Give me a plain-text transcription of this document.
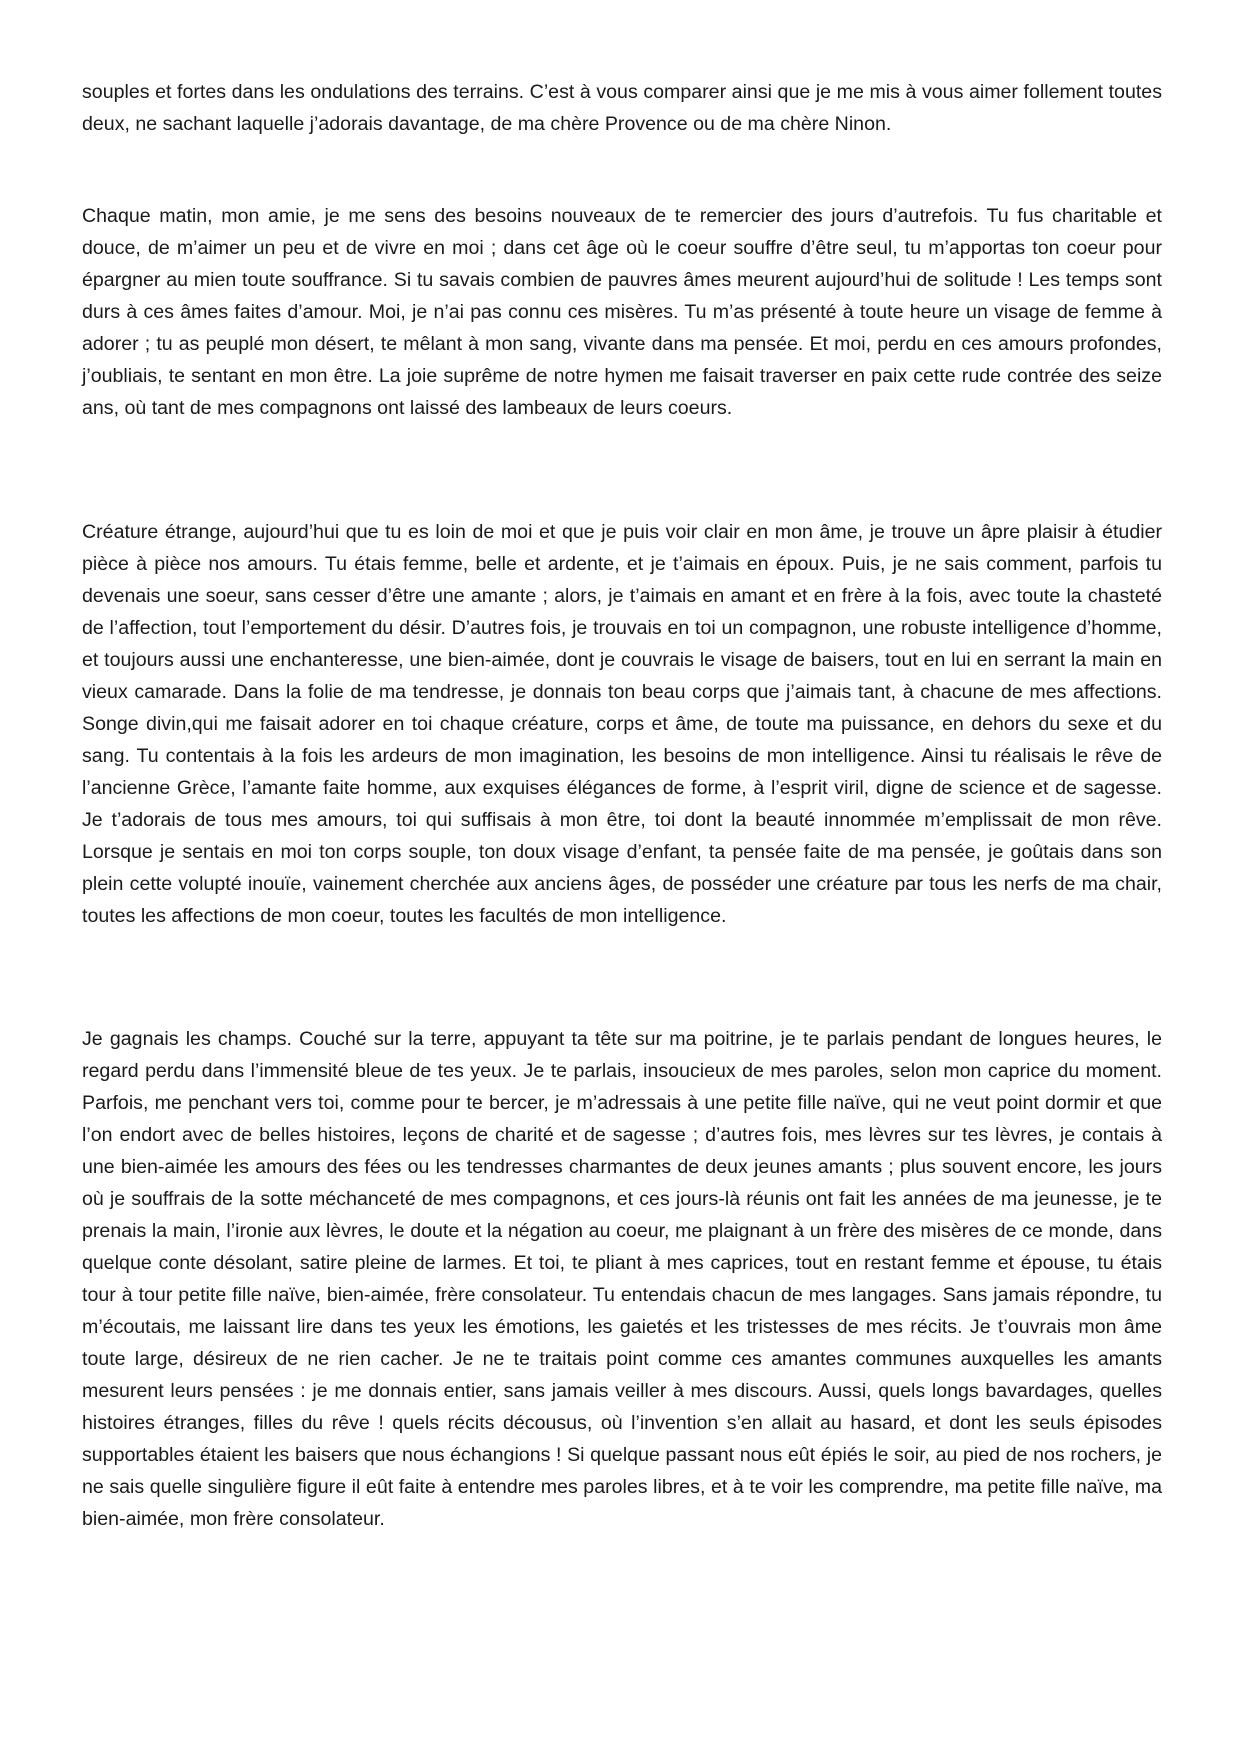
souples et fortes dans les ondulations des terrains. C’est à vous comparer ainsi que je me mis à vous aimer follement toutes deux, ne sachant laquelle j’adorais davantage, de ma chère Provence ou de ma chère Ninon.

Chaque matin, mon amie, je me sens des besoins nouveaux de te remercier des jours d’autrefois. Tu fus charitable et douce, de m’aimer un peu et de vivre en moi ; dans cet âge où le coeur souffre d’être seul, tu m’apportas ton coeur pour épargner au mien toute souffrance. Si tu savais combien de pauvres âmes meurent aujourd’hui de solitude ! Les temps sont durs à ces âmes faites d’amour. Moi, je n’ai pas connu ces misères. Tu m’as présenté à toute heure un visage de femme à adorer ; tu as peuplé mon désert, te mêlant à mon sang, vivante dans ma pensée. Et moi, perdu en ces amours profondes, j’oubliais, te sentant en mon être. La joie suprême de notre hymen me faisait traverser en paix cette rude contrée des seize ans, où tant de mes compagnons ont laissé des lambeaux de leurs coeurs.

Créature étrange, aujourd’hui que tu es loin de moi et que je puis voir clair en mon âme, je trouve un âpre plaisir à étudier pièce à pièce nos amours. Tu étais femme, belle et ardente, et je t’aimais en époux. Puis, je ne sais comment, parfois tu devenais une soeur, sans cesser d’être une amante ; alors, je t’aimais en amant et en frère à la fois, avec toute la chasteté de l’affection, tout l’emportement du désir. D’autres fois, je trouvais en toi un compagnon, une robuste intelligence d’homme, et toujours aussi une enchanteresse, une bien-aimée, dont je couvrais le visage de baisers, tout en lui en serrant la main en vieux camarade. Dans la folie de ma tendresse, je donnais ton beau corps que j’aimais tant, à chacune de mes affections. Songe divin,qui me faisait adorer en toi chaque créature, corps et âme, de toute ma puissance, en dehors du sexe et du sang. Tu contentais à la fois les ardeurs de mon imagination, les besoins de mon intelligence. Ainsi tu réalisais le rêve de l’ancienne Grèce, l’amante faite homme, aux exquises élégances de forme, à l’esprit viril, digne de science et de sagesse. Je t’adorais de tous mes amours, toi qui suffisais à mon être, toi dont la beauté innommée m’emplissait de mon rêve. Lorsque je sentais en moi ton corps souple, ton doux visage d’enfant, ta pensée faite de ma pensée, je goûtais dans son plein cette volupté inouïe, vainement cherchée aux anciens âges, de posséder une créature par tous les nerfs de ma chair, toutes les affections de mon coeur, toutes les facultés de mon intelligence.

Je gagnais les champs. Couché sur la terre, appuyant ta tête sur ma poitrine, je te parlais pendant de longues heures, le regard perdu dans l’immensité bleue de tes yeux. Je te parlais, insoucieux de mes paroles, selon mon caprice du moment. Parfois, me penchant vers toi, comme pour te bercer, je m’adressais à une petite fille naïve, qui ne veut point dormir et que l’on endort avec de belles histoires, leçons de charité et de sagesse ; d’autres fois, mes lèvres sur tes lèvres, je contais à une bien-aimée les amours des fées ou les tendresses charmantes de deux jeunes amants ; plus souvent encore, les jours où je souffrais de la sotte méchanceté de mes compagnons, et ces jours-là réunis ont fait les années de ma jeunesse, je te prenais la main, l’ironie aux lèvres, le doute et la négation au coeur, me plaignant à un frère des misères de ce monde, dans quelque conte désolant, satire pleine de larmes. Et toi, te pliant à mes caprices, tout en restant femme et épouse, tu étais tour à tour petite fille naïve, bien-aimée, frère consolateur. Tu entendais chacun de mes langages. Sans jamais répondre, tu m’écoutais, me laissant lire dans tes yeux les émotions, les gaietés et les tristesses de mes récits. Je t’ouvrais mon âme toute large, désireux de ne rien cacher. Je ne te traitais point comme ces amantes communes auxquelles les amants mesurent leurs pensées : je me donnais entier, sans jamais veiller à mes discours. Aussi, quels longs bavardages, quelles histoires étranges, filles du rêve ! quels récits décousus, où l’invention s’en allait au hasard, et dont les seuls épisodes supportables étaient les baisers que nous échangions ! Si quelque passant nous eût épiés le soir, au pied de nos rochers, je ne sais quelle singulière figure il eût faite à entendre mes paroles libres, et à te voir les comprendre, ma petite fille naïve, ma bien-aimée, mon frère consolateur.
